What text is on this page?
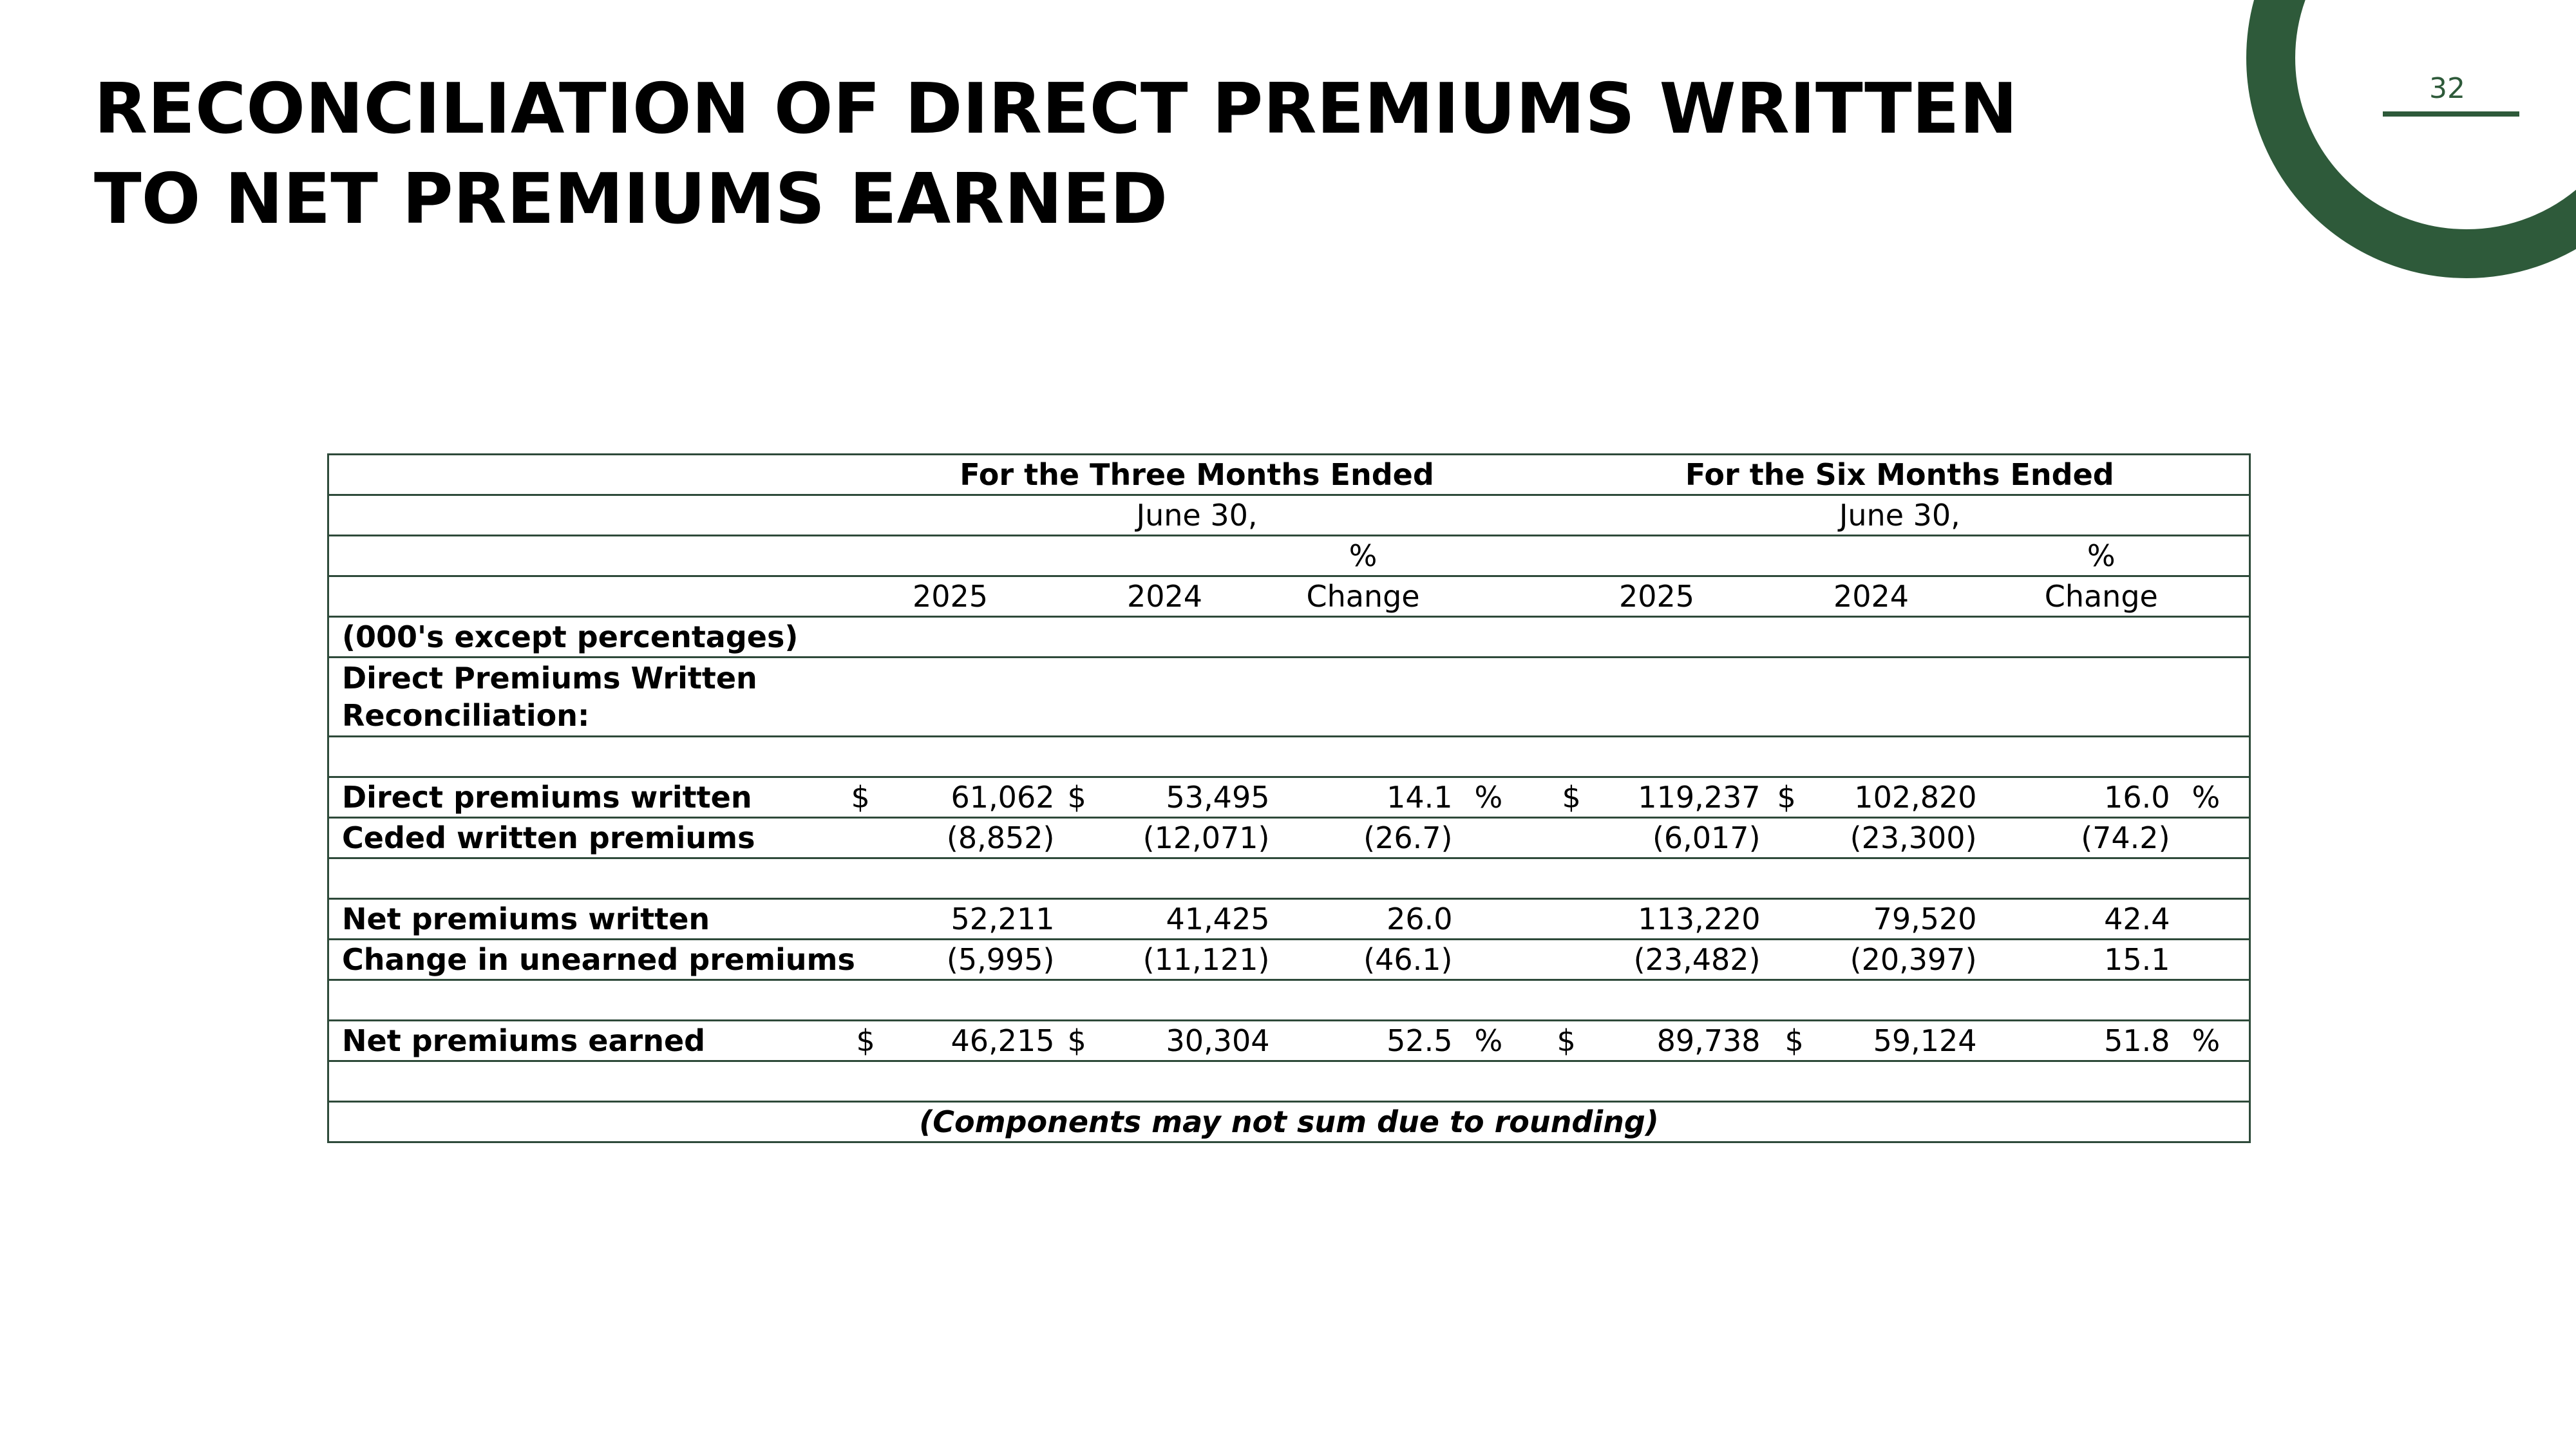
RECONCILIATION OF DIRECT PREMIUMS WRITTEN
TO NET PREMIUMS EARNED
32
	For the Three Months Ended				For the Six Months Ended			
	June 30,				June 30,			
			%				%	
	2025	2024	Change		2025	2024	Change	
(000's except percentages)								

Direct Premiums Written
Reconciliation:								

Direct premiums written	$ 61,062	$ 53,495	14.1	%	$ 119,237	$ 102,820	16.0	%
Ceded written premiums	(8,852)	(12,071)	(26.7)		(6,017)	(23,300)	(74.2)	

Net premiums written	52,211	41,425	26.0		113,220	79,520	42.4	
Change in unearned premiums	(5,995)	(11,121)	(46.1)		(23,482)	(20,397)	15.1	

Net premiums earned	$ 46,215	$ 30,304	52.5	%	$ 89,738	$ 59,124	51.8	%

(Components may not sum due to rounding)								
